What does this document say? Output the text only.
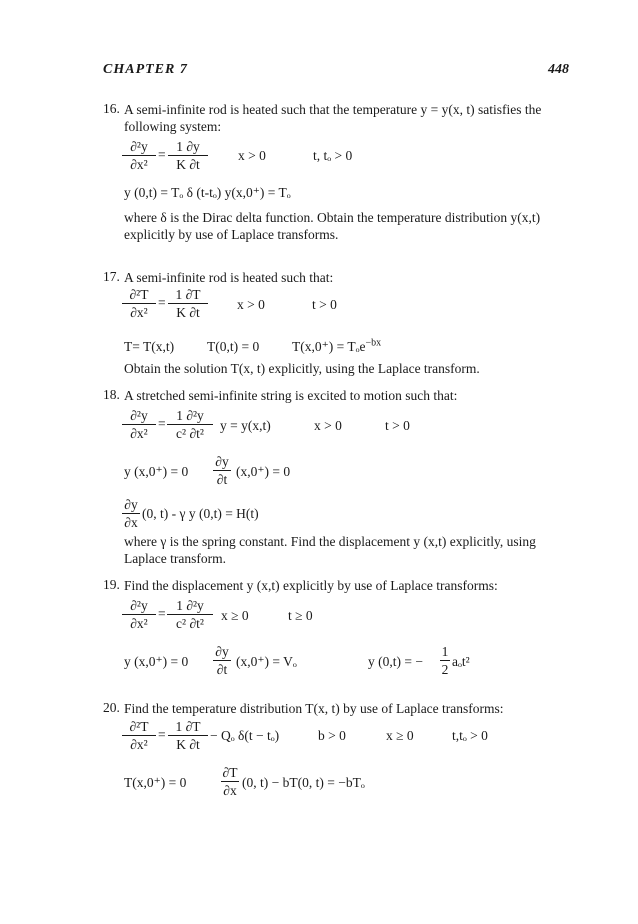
CHAPTER 7	448
16. A semi-infinite rod is heated such that the temperature y = y(x, t) satisfies the
following system:
∂²y
∂x²
=
1 ∂y
K ∂t
x > 0	t, tₒ > 0
y (0,t) = Tₒ δ (t-tₒ) y(x,0⁺) = Tₒ
where δ is the Dirac delta function. Obtain the temperature distribution y(x,t)
explicitly by use of Laplace transforms.
17. A semi-infinite rod is heated such that:
∂²T
∂x²
=
1 ∂T
K ∂t
x > 0	t > 0
T= T(x,t) T(0,t) = 0 T(x,0⁺) = Tₒe$^{-bx}$
Obtain the solution T(x, t) explicitly, using the Laplace transform.
18. A stretched semi-infinite string is excited to motion such that:
∂²y
∂x²
=
1 ∂²y
c² ∂t²
y = y(x,t)	x > 0	t > 0
y (x,0⁺) = 0
∂y
∂t
(x,0⁺) = 0
∂y
∂x
(0, t) - γ y (0,t) = H(t)
where γ is the spring constant. Find the displacement y (x,t) explicitly, using
Laplace transform.
19. Find the displacement y (x,t) explicitly by use of Laplace transforms:
∂²y
∂x²
=
1 ∂²y
c² ∂t²
x ≥ 0	t ≥ 0
y (x,0⁺) = 0
∂y
∂t
(x,0⁺) = Vₒ	y (0,t) = −
1
2
aₒt²
20. Find the temperature distribution T(x, t) by use of Laplace transforms:
∂²T
∂x²
=
1 ∂T
K ∂t
− Qₒ δ(t − tₒ)	b > 0	x ≥ 0	t,tₒ > 0
T(x,0⁺) = 0
∂T
∂x
(0, t) − bT(0, t) = −bTₒ
